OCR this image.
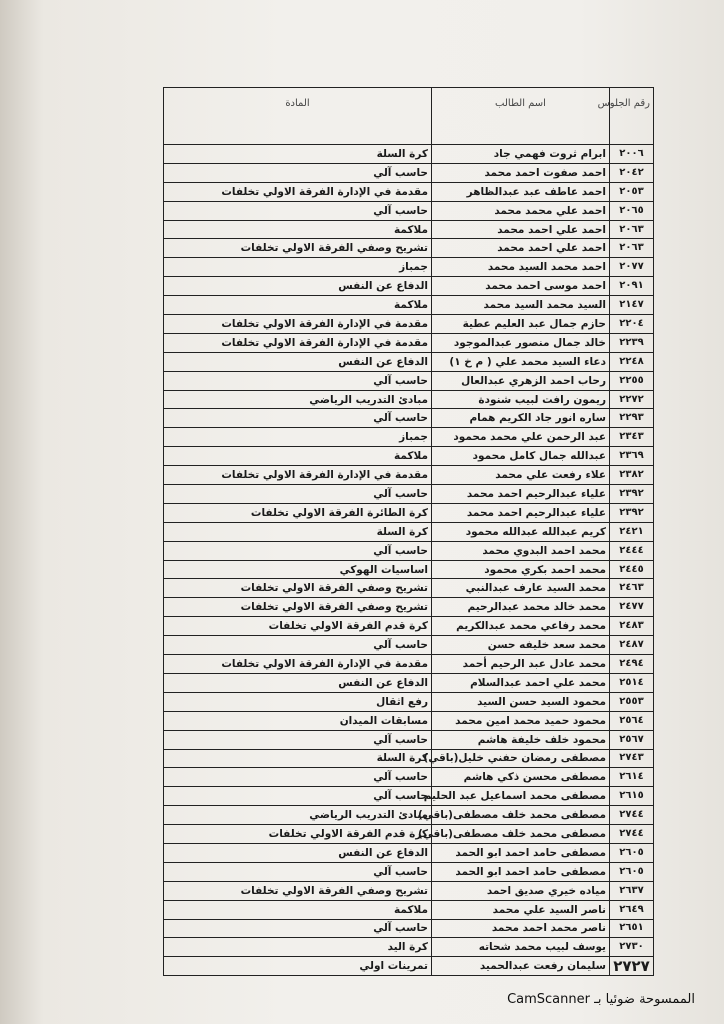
رقم الجلوس	اسم الطالب	المادة
٢٠٠٦	ابرام ثروت فهمي جاد	كرة السلة
٢٠٤٢	احمد صفوت احمد محمد	حاسب آلي
٢٠٥٣	احمد عاطف عبد عبدالظاهر	مقدمة في الإدارة الفرقة الاولي تخلفات
٢٠٦٥	احمد علي محمد محمد	حاسب آلي
٢٠٦٣	احمد علي احمد محمد	ملاكمة
٢٠٦٣	احمد علي احمد محمد	تشريح وصفي الفرقة الاولي تخلفات
٢٠٧٧	احمد محمد السيد محمد	جمباز
٢٠٩١	احمد موسى احمد محمد	الدفاع عن النفس
٢١٤٧	السيد محمد السيد محمد	ملاكمة
٢٢٠٤	حازم جمال عبد العليم عطية	مقدمة في الإدارة الفرقة الاولي تخلفات
٢٢٣٩	خالد جمال منصور عبدالموجود	مقدمة في الإدارة الفرقة الاولي تخلفات
٢٢٤٨	دعاء السيد محمد علي ( م خ ١)	الدفاع عن النفس
٢٢٥٥	رحاب احمد الزهري عبدالعال	حاسب آلي
٢٢٧٢	ريمون رافت لبيب شنودة	مبادئ التدريب الرياضي
٢٢٩٣	ساره انور جاد الكريم همام	حاسب آلي
٢٣٤٣	عبد الرحمن علي محمد محمود	جمباز
٢٣٦٩	عبدالله جمال كامل محمود	ملاكمة
٢٣٨٢	علاء رفعت علي محمد	مقدمة في الإدارة الفرقة الاولي تخلفات
٢٣٩٢	علياء عبدالرحيم احمد محمد	حاسب آلي
٢٣٩٢	علياء عبدالرحيم احمد محمد	كرة الطائرة الفرقة الاولي تخلفات
٢٤٢١	كريم عبدالله عبدالله محمود	كرة السلة
٢٤٤٤	محمد احمد البدوي محمد	حاسب آلي
٢٤٤٥	محمد احمد بكري محمود	اساسيات الهوكي
٢٤٦٣	محمد السيد عارف عبدالنبي	تشريح وصفي الفرقة الاولي تخلفات
٢٤٧٧	محمد خالد محمد عبدالرحيم	تشريح وصفي الفرقة الاولي تخلفات
٢٤٨٣	محمد رفاعي محمد عبدالكريم	كرة قدم الفرقة الاولي تخلفات
٢٤٨٧	محمد سعد خليفه حسن	حاسب آلي
٢٤٩٤	محمد عادل عبد الرحيم أحمد	مقدمة في الإدارة الفرقة الاولي تخلفات
٢٥١٤	محمد علي احمد عبدالسلام	الدفاع عن النفس
٢٥٥٣	محمود السيد حسن السيد	رفع اثقال
٢٥٦٤	محمود حميد محمد امين محمد	مسابقات الميدان
٢٥٦٧	محمود خلف خليفة هاشم	حاسب آلي
٢٧٤٣	مصطفى رمضان حفني خليل(باقي)	كرة السلة
٢٦١٤	مصطفى محسن ذكي هاشم	حاسب آلي
٢٦١٥	مصطفى محمد اسماعيل عبد الحليم	حاسب آلي
٢٧٤٤	مصطفى محمد خلف مصطفى(باقي)	مبادئ التدريب الرياضي
٢٧٤٤	مصطفى محمد خلف مصطفى(باقي)	كرة قدم الفرقة الاولي تخلفات
٢٦٠٥	مصطفى حامد احمد ابو الحمد	الدفاع عن النفس
٢٦٠٥	مصطفى حامد احمد ابو الحمد	حاسب آلي
٢٦٣٧	مياده خيري صديق احمد	تشريح وصفي الفرقة الاولي تخلفات
٢٦٤٩	ناصر السيد علي محمد	ملاكمة
٢٦٥١	ناصر محمد احمد محمد	حاسب آلي
٢٧٣٠	يوسف لبيب محمد شحاته	كرة اليد
٢٧٢٧	سليمان رفعت عبدالحميد	تمرينات اولي
الممسوحة ضوئيا بـ CamScanner
